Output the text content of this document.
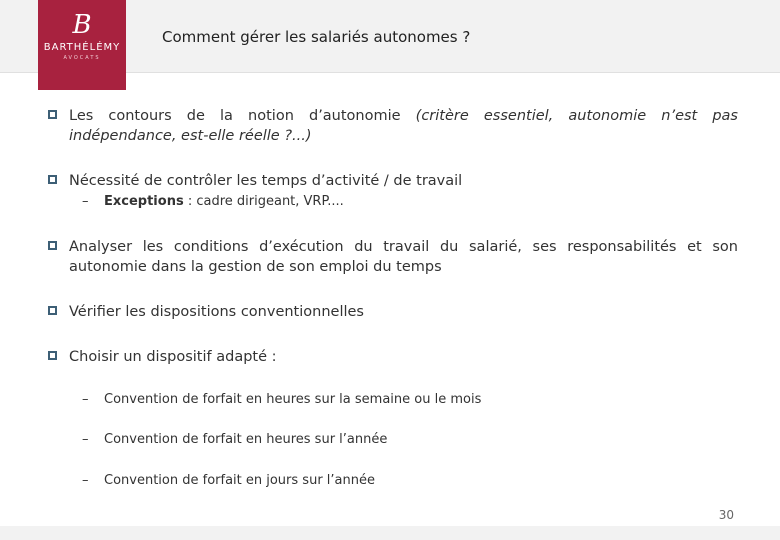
B
BARTHÉLÉMY
AVOCATS
Comment gérer les salariés autonomes ?
Les contours de la notion d’autonomie (critère essentiel, autonomie n’est pas indépendance, est-elle réelle ?...)
Nécessité de contrôler les temps d’activité / de travail
– Exceptions : cadre dirigeant, VRP....
Analyser les conditions d’exécution du travail du salarié, ses responsabilités et son autonomie dans la gestion de son emploi du temps
Vérifier les dispositions conventionnelles
Choisir un dispositif adapté :
– Convention de forfait en heures sur la semaine ou le mois
– Convention de forfait en heures sur l’année
– Convention de forfait en jours sur l’année
30
